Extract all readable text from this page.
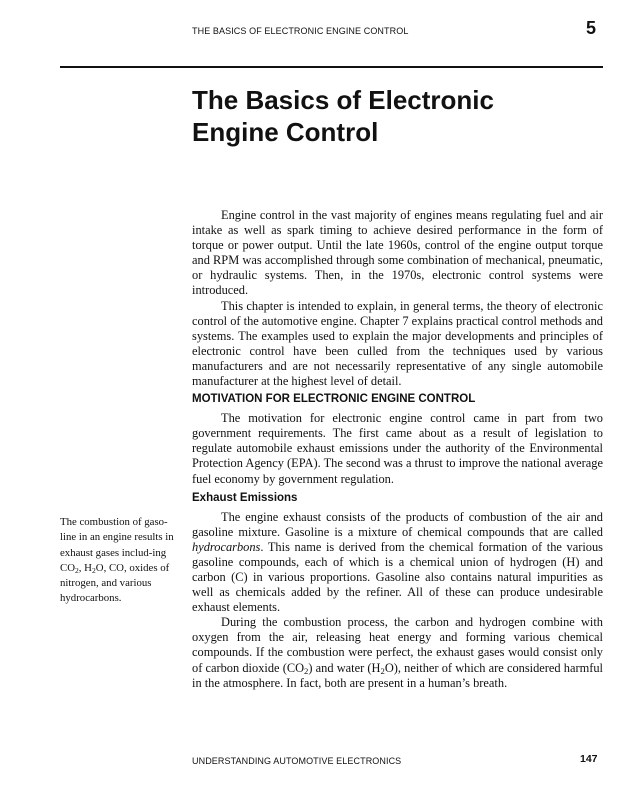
THE BASICS OF ELECTRONIC ENGINE CONTROL	5
The Basics of Electronic
Engine Control

Engine control in the vast majority of engines means regulating fuel and air intake as well as spark timing to achieve desired performance in the form of torque or power output. Until the late 1960s, control of the engine output torque and RPM was accomplished through some combination of mechanical, pneumatic, or hydraulic systems. Then, in the 1970s, electronic control systems were introduced.

This chapter is intended to explain, in general terms, the theory of electronic control of the automotive engine. Chapter 7 explains practical control methods and systems. The examples used to explain the major developments and principles of electronic control have been culled from the techniques used by various manufacturers and are not necessarily representative of any single automobile manufacturer at the highest level of detail.

MOTIVATION FOR ELECTRONIC ENGINE CONTROL

The motivation for electronic engine control came in part from two government requirements. The first came about as a result of legislation to regulate automobile exhaust emissions under the authority of the Environmental Protection Agency (EPA). The second was a thrust to improve the national average fuel economy by government regulation.

Exhaust Emissions

The engine exhaust consists of the products of combustion of the air and gasoline mixture. Gasoline is a mixture of chemical compounds that are called hydrocarbons. This name is derived from the chemical formation of the various gasoline compounds, each of which is a chemical union of hydrogen (H) and carbon (C) in various proportions. Gasoline also contains natural impurities as well as chemicals added by the refiner. All of these can produce undesirable exhaust elements.

During the combustion process, the carbon and hydrogen combine with oxygen from the air, releasing heat energy and forming various chemical compounds. If the combustion were perfect, the exhaust gases would consist only of carbon dioxide $(CO_2)$ and water $(H_2O)$, neither of which are considered harmful in the atmosphere. In fact, both are present in a human’s breath.

The combustion of gaso-line in an engine results in exhaust gases includ-ing $CO_2$, $H_2O$, CO, oxides of nitrogen, and various hydrocarbons.
UNDERSTANDING AUTOMOTIVE ELECTRONICS	147
